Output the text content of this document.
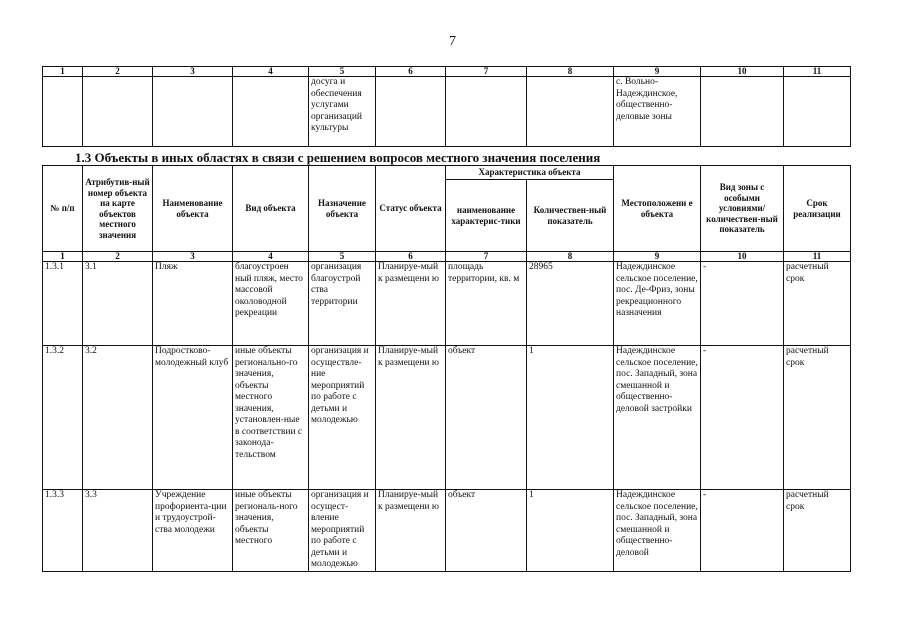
7
1	2	3	4	5	6	7	8	9	10	11
				досуга и обеспечения услугами организаций культуры				с. Вольно-Надеждинское, общественно-деловые зоны		
1.3 Объекты в иных областях в связи с решением вопросов местного значения поселения
№ п/п	Атрибутив-ный номер объекта на карте объектов местного значения	Наименование объекта	Вид объекта	Назначение объекта	Статус объекта	Характеристика объекта		Местоположени е объекта	Вид зоны с особыми условиями/ количествен-ный показатель	Срок реализации
						наименование характерис-тики	Количествен-ный показатель			
1	2	3	4	5	6	7	8	9	10	11
1.3.1	3.1	Пляж	благоустроен ный пляж, место массовой околоводной рекреации	организация благоустрой ства территории	Планируе-мый к размещени ю	площадь территории, кв. м	28965	Надеждинское сельское поселение, пос. Де-Фриз, зоны рекреационного назначения	-	расчетный срок
1.3.2	3.2	Подростково-молодежный клуб	иные объекты регионально-го значения, объекты местного значения, установлен-ные в соответствии с законода-тельством	организация и осуществле-ние мероприятий по работе с детьми и молодежью	Планируе-мый к размещени ю	объект	1	Надеждинское сельское поселение, пос. Западный, зона смешанной и общественно-деловой застройки	-	расчетный срок
1.3.3	3.3	Учреждение профориента-ции и трудоустрой-ства молодежи	иные объекты региональ-ного значения, объекты местного	организация и осущест-вление мероприятий по работе с детьми и молодежью	Планируе-мый к размещени ю	объект	1	Надеждинское сельское поселение, пос. Западный, зона смешанной и общественно-деловой	-	расчетный срок
